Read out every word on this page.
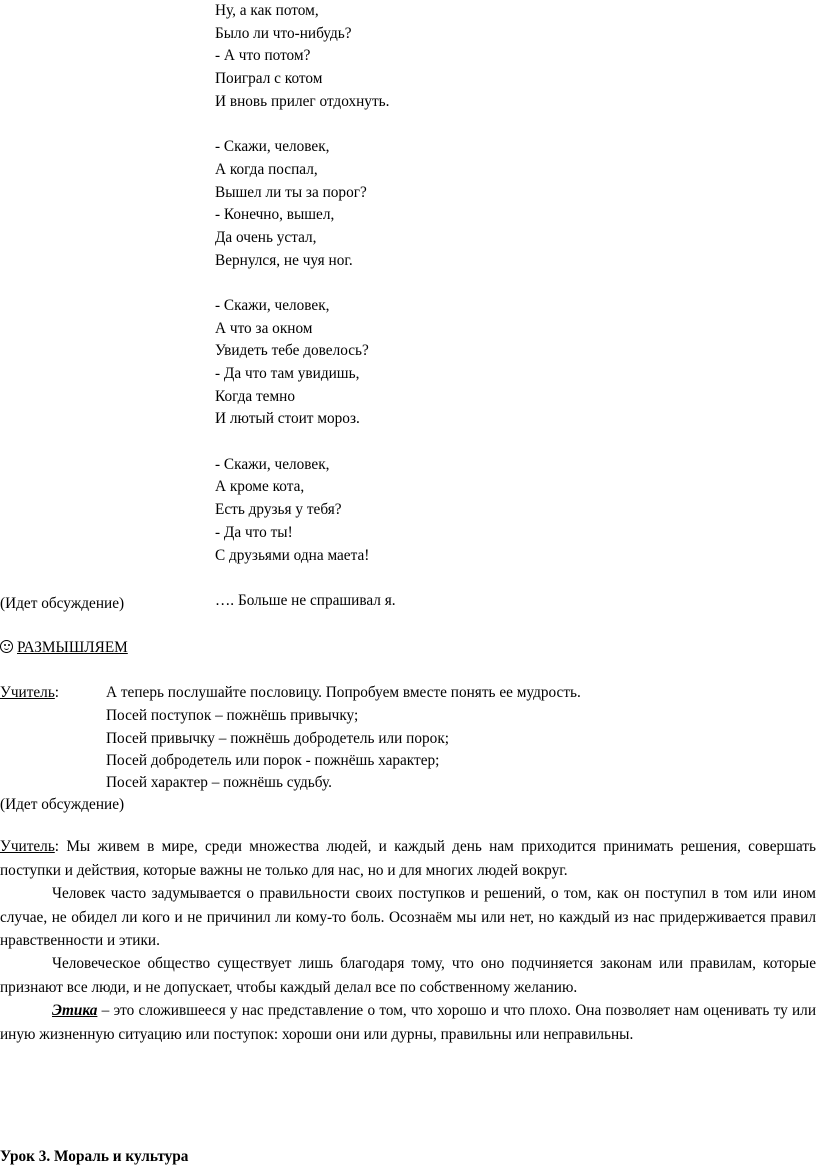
Ну, а как потом,
Было ли что-нибудь?
- А что потом?
Поиграл с котом
И вновь прилег отдохнуть.
- Скажи, человек,
А когда поспал,
Вышел ли ты за порог?
- Конечно, вышел,
Да очень устал,
Вернулся, не чуя ног.
- Скажи, человек,
А что за окном
Увидеть тебе довелось?
- Да что там увидишь,
Когда темно
И лютый стоит мороз.
- Скажи, человек,
А кроме кота,
Есть друзья у тебя?
- Да что ты!
С друзьями одна маета!
…. Больше не спрашивал я.
(Идет обсуждение)
РАЗМЫШЛЯЕМ
Учитель:	А теперь послушайте пословицу. Попробуем вместе понять ее мудрость.
Посей поступок – пожнёшь привычку;
Посей привычку – пожнёшь добродетель или порок;
Посей добродетель или порок - пожнёшь характер;
Посей характер – пожнёшь судьбу.
(Идет обсуждение)

Учитель: Мы живем в мире, среди множества людей, и каждый день нам приходится принимать решения, совершать поступки и действия, которые важны не только для нас, но и для многих людей вокруг.

Человек часто задумывается о правильности своих поступков и решений, о том, как он поступил в том или ином случае, не обидел ли кого и не причинил ли кому-то боль. Осознаём мы или нет, но каждый из нас придерживается правил нравственности и этики.

Человеческое общество существует лишь благодаря тому, что оно подчиняется законам или правилам, которые признают все люди, и не допускает, чтобы каждый делал все по собственному желанию.

Этика – это сложившееся у нас представление о том, что хорошо и что плохо. Она позволяет нам оценивать ту или иную жизненную ситуацию или поступок: хороши они или дурны, правильны или неправильны.

Урок 3. Мораль и культура
